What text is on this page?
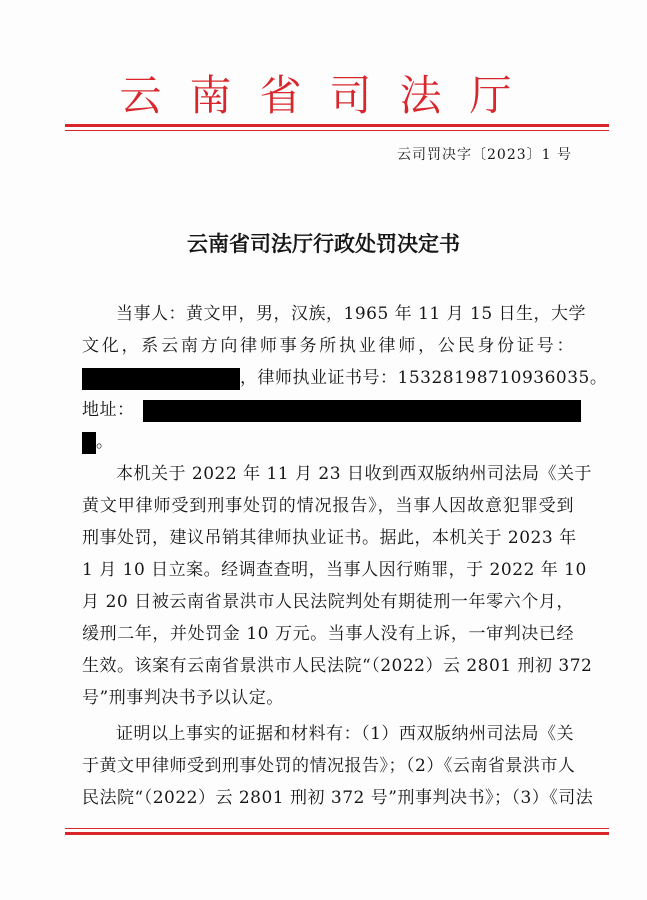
云南省司法厅
云司罚决字〔2023〕1 号
云南省司法厅行政处罚决定书
当事人：黄文甲，男，汉族，1965 年 11 月 15 日生，大学
文化，系云南方向律师事务所执业律师，公民身份证号：
，律师执业证书号：15328198710936035。
地址：
。
本机关于 2022 年 11 月 23 日收到西双版纳州司法局《关于
黄文甲律师受到刑事处罚的情况报告》，当事人因故意犯罪受到
刑事处罚，建议吊销其律师执业证书。据此，本机关于 2023 年
1 月 10 日立案。经调查查明，当事人因行贿罪，于 2022 年 10
月 20 日被云南省景洪市人民法院判处有期徒刑一年零六个月，
缓刑二年，并处罚金 10 万元。当事人没有上诉，一审判决已经
生效。该案有云南省景洪市人民法院“（2022）云 2801 刑初 372
号”刑事判决书予以认定。
证明以上事实的证据和材料有：（1）西双版纳州司法局《关
于黄文甲律师受到刑事处罚的情况报告》；（2）《云南省景洪市人
民法院“（2022）云 2801 刑初 372 号”刑事判决书》；（3）《司法
